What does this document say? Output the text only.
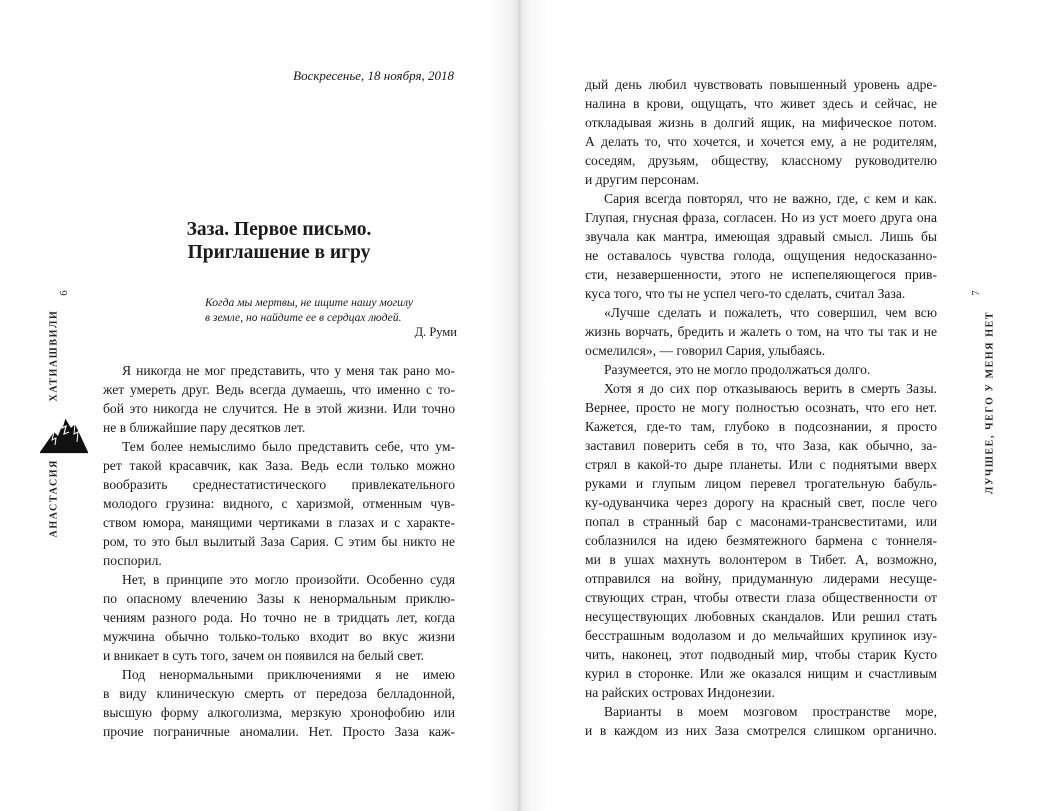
6
ХАТИАШВИЛИ
АНАСТАСИЯ
Воскресенье, 18 ноября, 2018
Заза. Первое письмо.
Приглашение в игру
Когда мы мертвы, не ищите нашу могилу
в земле, но найдите ее в сердцах людей.
Д. Руми
Я никогда не мог представить, что у меня так рано мо-
жет умереть друг. Ведь всегда думаешь, что именно с то-
бой это никогда не случится. Не в этой жизни. Или точно
не в ближайшие пару десятков лет.
Тем более немыслимо было представить себе, что ум-
рет такой красавчик, как Заза. Ведь если только можно
вообразить среднестатистического привлекательного
молодого грузина: видного, с харизмой, отменным чув-
ством юмора, манящими чертиками в глазах и с характе-
ром, то это был вылитый Заза Сария. С этим бы никто не
поспорил.
Нет, в принципе это могло произойти. Особенно судя
по опасному влечению Зазы к ненормальным приклю-
чениям разного рода. Но точно не в тридцать лет, когда
мужчина обычно только-только входит во вкус жизни
и вникает в суть того, зачем он появился на белый свет.
Под ненормальными приключениями я не имею
в виду клиническую смерть от передоза белладонной,
высшую форму алкоголизма, мерзкую хронофобию или
прочие пограничные аномалии. Нет. Просто Заза каж-
7
ЛУЧШЕЕ, ЧЕГО У МЕНЯ НЕТ
дый день любил чувствовать повышенный уровень адре-
налина в крови, ощущать, что живет здесь и сейчас, не
откладывая жизнь в долгий ящик, на мифическое потом.
А делать то, что хочется, и хочется ему, а не родителям,
соседям, друзьям, обществу, классному руководителю
и другим персонам.
Сария всегда повторял, что не важно, где, с кем и как.
Глупая, гнусная фраза, согласен. Но из уст моего друга она
звучала как мантра, имеющая здравый смысл. Лишь бы
не оставалось чувства голода, ощущения недосказанно-
сти, незавершенности, этого не испепеляющегося прив-
куса того, что ты не успел чего-то сделать, считал Заза.
«Лучше сделать и пожалеть, что совершил, чем всю
жизнь ворчать, бредить и жалеть о том, на что ты так и не
осмелился», — говорил Сария, улыбаясь.
Разумеется, это не могло продолжаться долго.
Хотя я до сих пор отказываюсь верить в смерть Зазы.
Вернее, просто не могу полностью осознать, что его нет.
Кажется, где-то там, глубоко в подсознании, я просто
заставил поверить себя в то, что Заза, как обычно, за-
стрял в какой-то дыре планеты. Или с поднятыми вверх
руками и глупым лицом перевел трогательную бабуль-
ку-одуванчика через дорогу на красный свет, после чего
попал в странный бар с масонами-трансвеститами, или
соблазнился на идею безмятежного бармена с тоннеля-
ми в ушах махнуть волонтером в Тибет. А, возможно,
отправился на войну, придуманную лидерами несуще-
ствующих стран, чтобы отвести глаза общественности от
несуществующих любовных скандалов. Или решил стать
бесстрашным водолазом и до мельчайших крупинок изу-
чить, наконец, этот подводный мир, чтобы старик Кусто
курил в сторонке. Или же оказался нищим и счастливым
на райских островах Индонезии.
Варианты в моем мозговом пространстве море,
и в каждом из них Заза смотрелся слишком органично.
